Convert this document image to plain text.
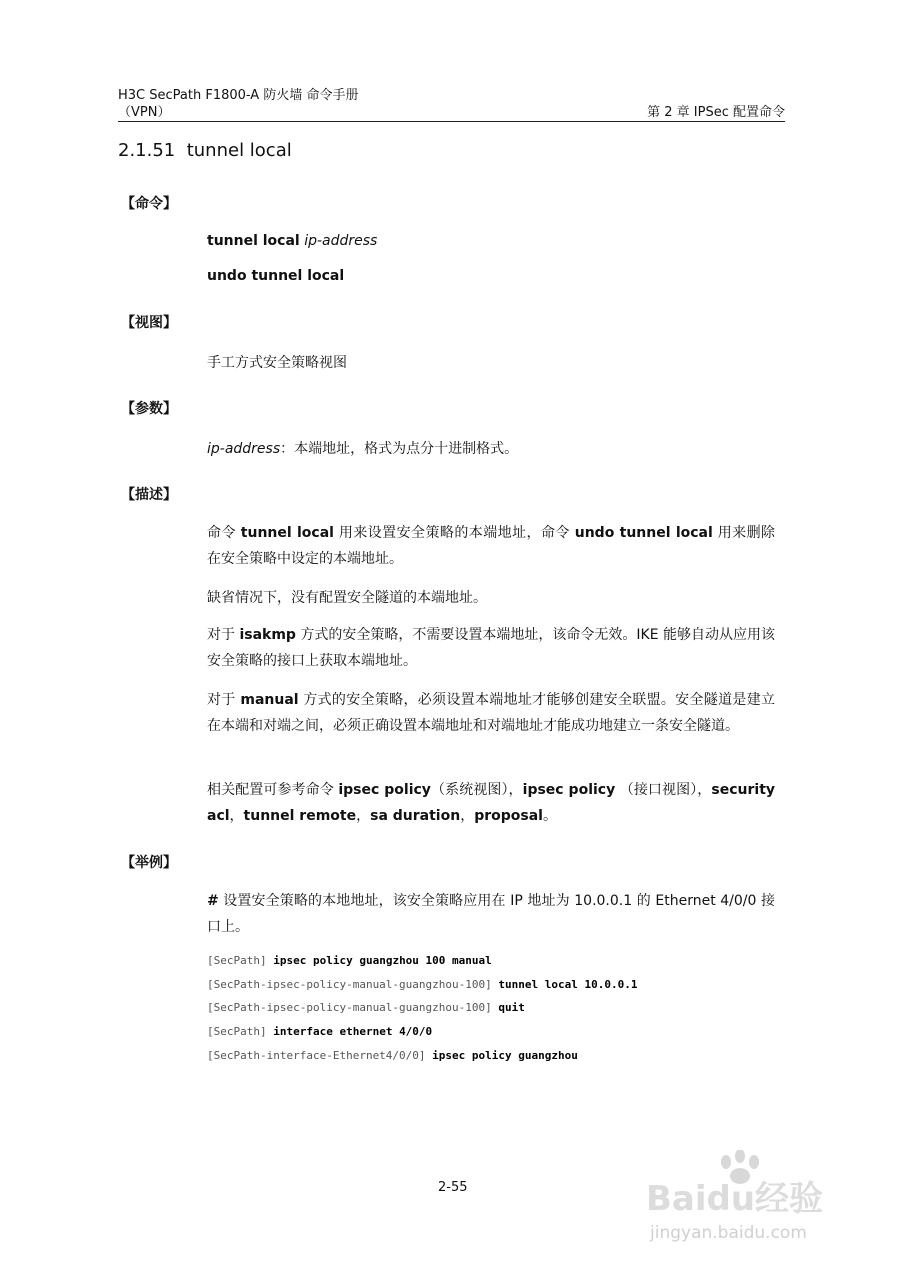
H3C SecPath F1800-A 防火墙 命令手册
（VPN）	第 2 章 IPSec 配置命令
2.1.51 tunnel local
【命令】
tunnel local ip-address
undo tunnel local
【视图】
手工方式安全策略视图
【参数】
ip-address：本端地址，格式为点分十进制格式。
【描述】
命令 tunnel local 用来设置安全策略的本端地址，命令 undo tunnel local 用来删除在安全策略中设定的本端地址。
缺省情况下，没有配置安全隧道的本端地址。
对于 isakmp 方式的安全策略，不需要设置本端地址，该命令无效。IKE 能够自动从应用该安全策略的接口上获取本端地址。
对于 manual 方式的安全策略，必须设置本端地址才能够创建安全联盟。安全隧道是建立在本端和对端之间，必须正确设置本端地址和对端地址才能成功地建立一条安全隧道。
相关配置可参考命令 ipsec policy（系统视图），ipsec policy （接口视图），security acl，tunnel remote，sa duration，proposal。
【举例】
# 设置安全策略的本地地址，该安全策略应用在 IP 地址为 10.0.0.1 的 Ethernet 4/0/0 接口上。
[SecPath] ipsec policy guangzhou 100 manual
[SecPath-ipsec-policy-manual-guangzhou-100] tunnel local 10.0.0.1
[SecPath-ipsec-policy-manual-guangzhou-100] quit
[SecPath] interface ethernet 4/0/0
[SecPath-interface-Ethernet4/0/0] ipsec policy guangzhou
2-55	Baidu经验
jingyan.baidu.com
